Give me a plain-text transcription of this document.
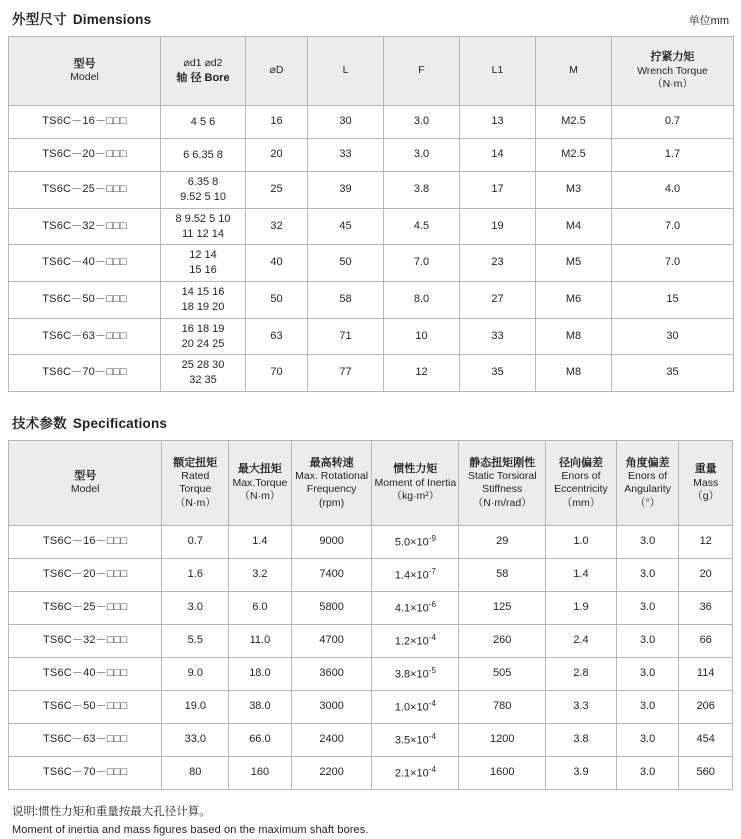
外型尺寸 Dimensions	单位mm
型号
Model	⌀d1 ⌀d2
轴 径 Bore	⌀D	L	F	L1	M	拧紧力矩
Wrench Torque
（N·m）

TS6C－16－□□□	4 5 6	16	30	3.0	13	M2.5	0.7
TS6C－20－□□□	6 6.35 8	20	33	3.0	14	M2.5	1.7
TS6C－25－□□□	6.35 8
9.52 5 10	25	39	3.8	17	M3	4.0
TS6C－32－□□□	8 9.52 5 10
11 12 14	32	45	4.5	19	M4	7.0
TS6C－40－□□□	12 14
15 16	40	50	7.0	23	M5	7.0
TS6C－50－□□□	14 15 16
18 19 20	50	58	8.0	27	M6	15
TS6C－63－□□□	16 18 19
20 24 25	63	71	10	33	M8	30
TS6C－70－□□□	25 28 30
32 35	70	77	12	35	M8	35
技术参数 Specifications
型号
Model	额定扭矩
Rated Torque
（N·m）	最大扭矩
Max.Torque
（N·m）	最高转速
Max. Rotational Frequency
(rpm)	惯性力矩
Moment of Inertia
（kg·m²）	静态扭矩刚性
Static Torsioral Stiffness
（N·m/rad）	径向偏差
Enors of Eccentricity
（mm）	角度偏差
Enors of Angularity
（°）	重量
Mass
（g）

TS6C－16－□□□	0.7	1.4	9000	$5.0\times 10^{-9}$	29	1.0	3.0	12
TS6C－20－□□□	1.6	3.2	7400	$1.4\times 10^{-7}$	58	1.4	3.0	20
TS6C－25－□□□	3.0	6.0	5800	$4.1\times 10^{-6}$	125	1.9	3.0	36
TS6C－32－□□□	5.5	11.0	4700	$1.2\times 10^{-4}$	260	2.4	3.0	66
TS6C－40－□□□	9.0	18.0	3600	$3.8\times 10^{-5}$	505	2.8	3.0	114
TS6C－50－□□□	19.0	38.0	3000	$1.0\times 10^{-4}$	780	3.3	3.0	206
TS6C－63－□□□	33.0	66.0	2400	$3.5\times 10^{-4}$	1200	3.8	3.0	454
TS6C－70－□□□	80	160	2200	$2.1\times 10^{-4}$	1600	3.9	3.0	560
说明:惯性力矩和重量按最大孔径计算。
Moment of inertia and mass figures based on the maximum shaft bores.
